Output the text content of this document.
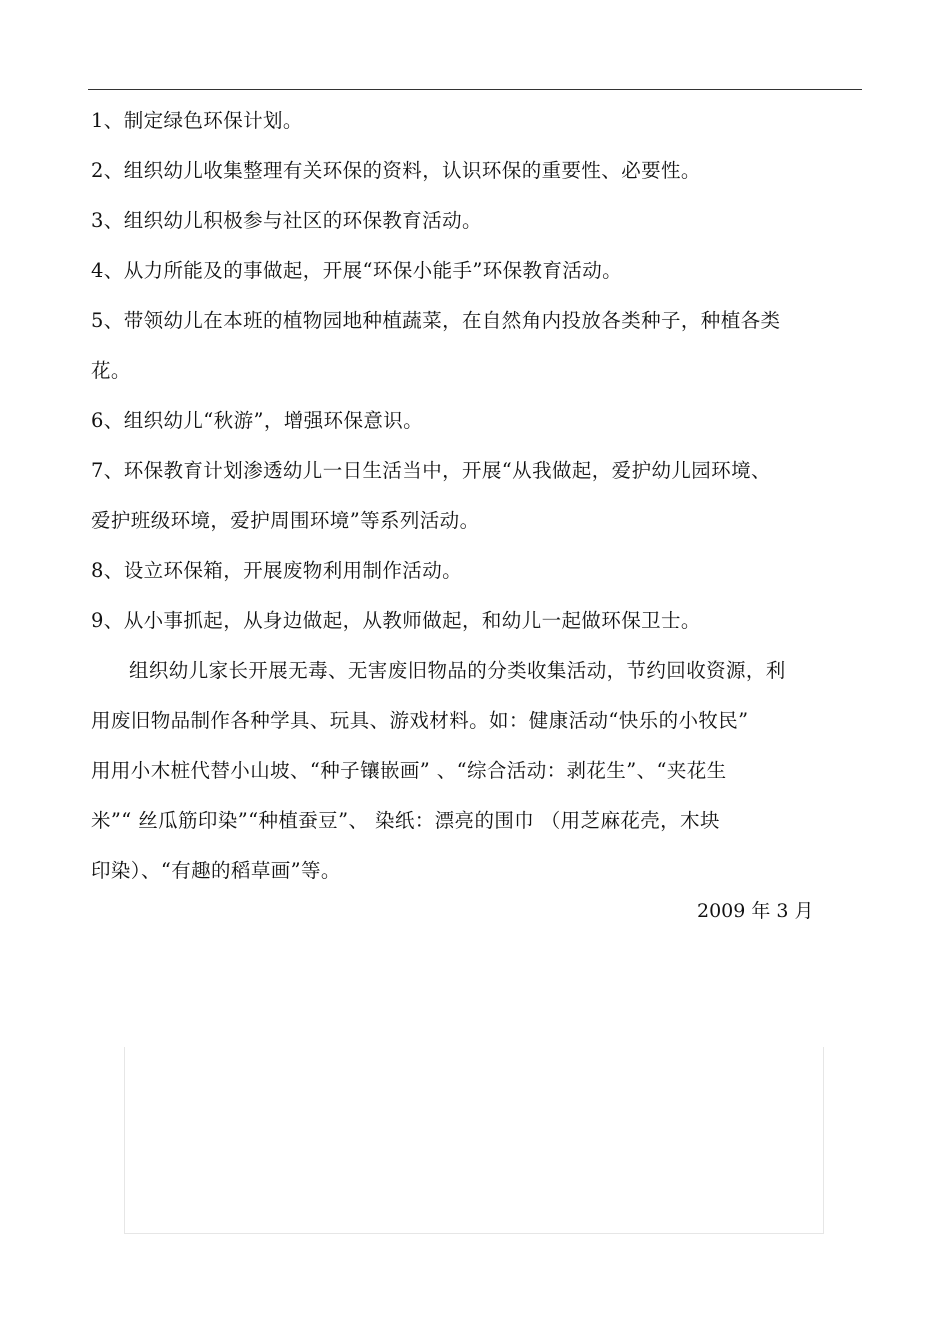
1、制定绿色环保计划。
2、组织幼儿收集整理有关环保的资料，认识环保的重要性、必要性。
3、组织幼儿积极参与社区的环保教育活动。
4、从力所能及的事做起，开展“环保小能手”环保教育活动。
5、带领幼儿在本班的植物园地种植蔬菜，在自然角内投放各类种子，种植各类
花。
6、组织幼儿“秋游”，增强环保意识。
7、环保教育计划渗透幼儿一日生活当中，开展“从我做起，爱护幼儿园环境、
爱护班级环境，爱护周围环境”等系列活动。
8、设立环保箱，开展废物利用制作活动。
9、从小事抓起，从身边做起，从教师做起，和幼儿一起做环保卫士。
组织幼儿家长开展无毒、无害废旧物品的分类收集活动，节约回收资源，利
用废旧物品制作各种学具、玩具、游戏材料。如：健康活动“快乐的小牧民”
用用小木桩代替小山坡、“种子镶嵌画” 、“综合活动：剥花生”、“夹花生
米”“ 丝瓜筋印染”“种植蚕豆”、 染纸：漂亮的围巾 （用芝麻花壳，木块
印染）、“有趣的稻草画”等。
2009 年 3 月
